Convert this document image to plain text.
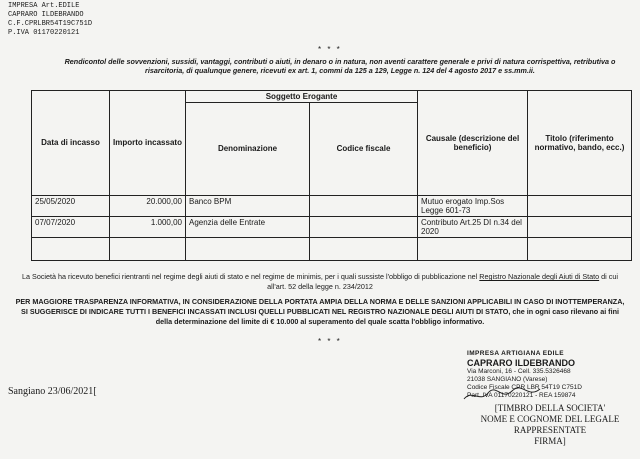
IMPRESA Art.EDILE
CAPRARO ILDEBRANDO
C.F.CPRLBR54T19C751D
P.IVA 01170220121
* * *
Rendicontol delle sovvenzioni, sussidi, vantaggi, contributi o aiuti, in denaro o in natura, non aventi carattere generale e privi di natura corrispettiva, retributiva o risarcitoria, di qualunque genere, ricevuti ex art. 1, commi da 125 a 129, Legge n. 124 del 4 agosto 2017 e ss.mm.ii.
Data di incasso	Importo incassato	Soggetto Erogante		Causale (descrizione del beneficio)	Titolo (riferimento normativo, bando, ecc.)
		Denominazione	Codice fiscale		
25/05/2020	20.000,00	Banco BPM		Mutuo erogato Imp.Sos Legge 601-73	
07/07/2020	1.000,00	Agenzia delle Entrate		Contributo Art.25 DI n.34 del 2020	

La Società ha ricevuto benefici rientranti nel regime degli aiuti di stato e nel regime de minimis, per i quali sussiste l'obbligo di pubblicazione nel Registro Nazionale degli Aiuti di Stato di cui all'art. 52 della legge n. 234/2012
PER MAGGIORE TRASPARENZA INFORMATIVA, IN CONSIDERAZIONE DELLA PORTATA AMPIA DELLA NORMA E DELLE SANZIONI APPLICABILI IN CASO DI INOTTEMPERANZA, SI SUGGERISCE DI INDICARE TUTTI I BENEFICI INCASSATI INCLUSI QUELLI PUBBLICATI NEL REGISTRO NAZIONALE DEGLI AIUTI DI STATO, che in ogni caso rilevano ai fini della determinazione del limite di € 10.000 al superamento del quale scatta l'obbligo informativo.
* * *
Sangiano 23/06/2021[
IMPRESA ARTIGIANA EDILE
CAPRARO ILDEBRANDO
Via Marconi, 16 - Cell. 335.5326468
21038 SANGIANO (Varese)
Codice Fiscale CPR LBR 54T19 C751D
Part. IVA 01170220121 - REA 159874
[TIMBRO DELLA SOCIETA'
NOME E COGNOME DEL LEGALE
RAPPRESENTATE
FIRMA]
